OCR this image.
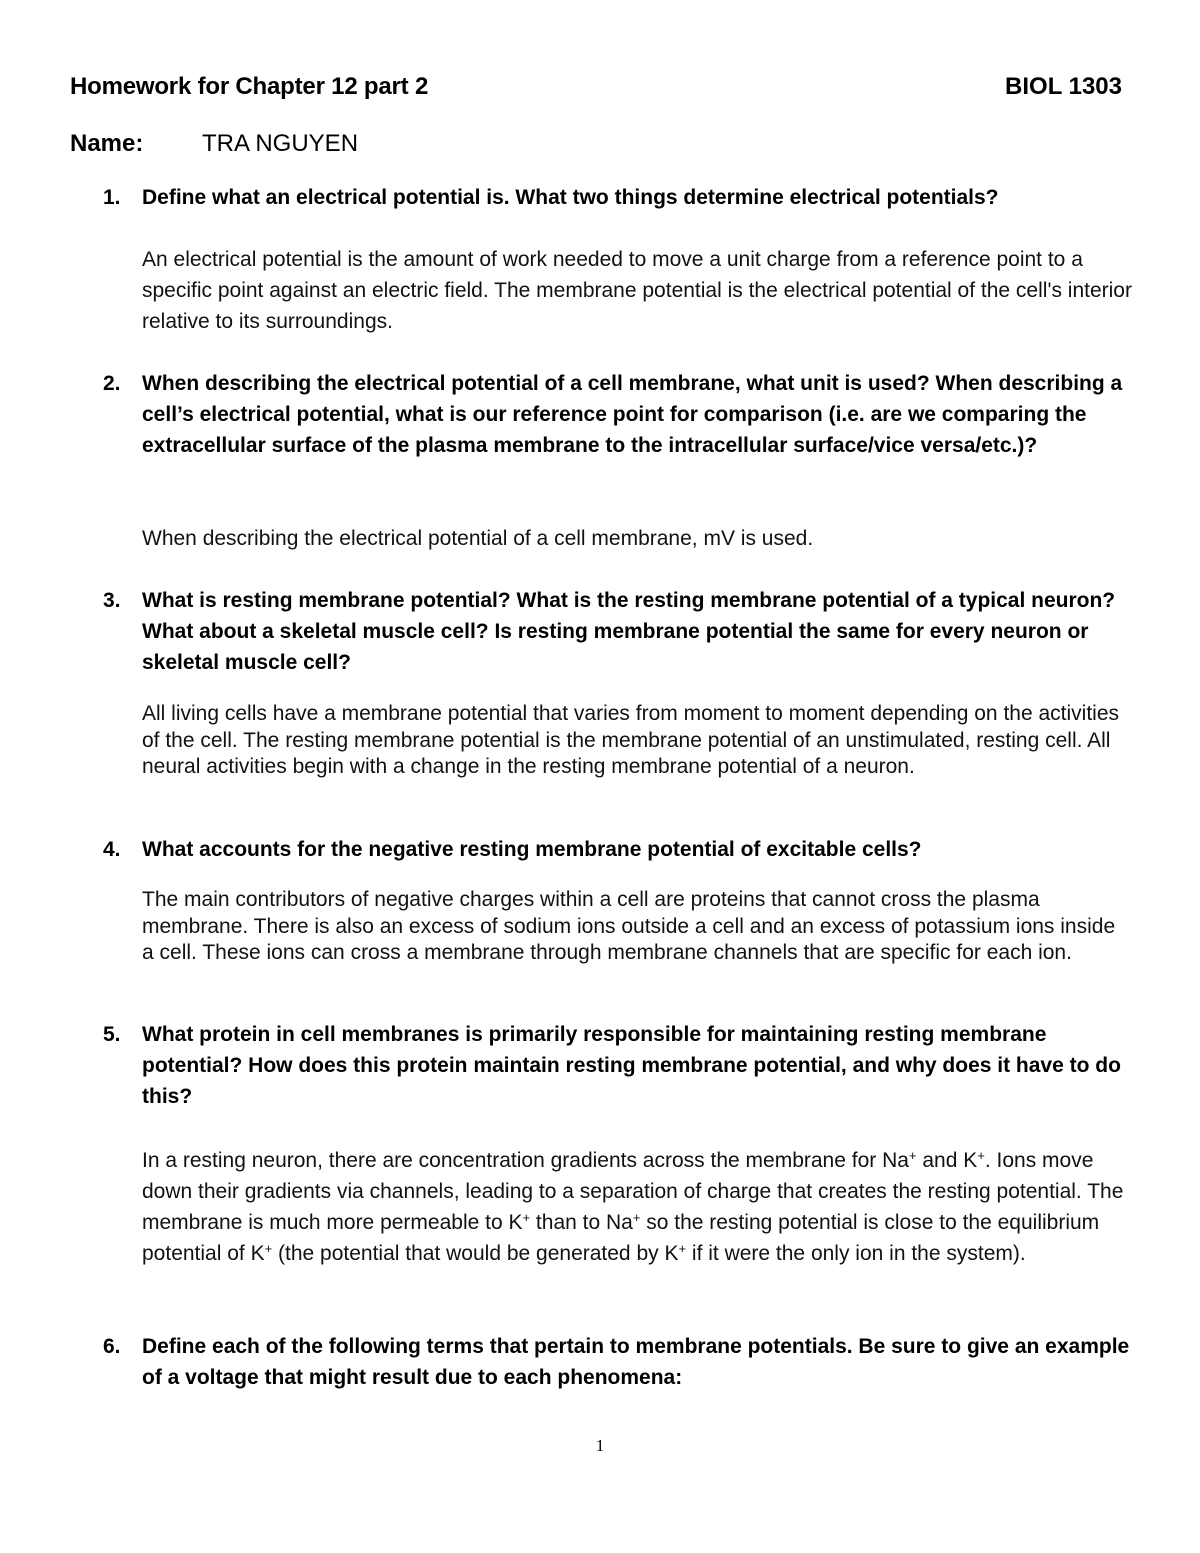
Homework for Chapter 12 part 2	BIOL 1303
Name: TRA NGUYEN
1. Define what an electrical potential is. What two things determine electrical potentials?
An electrical potential is the amount of work needed to move a unit charge from a reference point to a specific point against an electric field. The membrane potential is the electrical potential of the cell's interior relative to its surroundings.
2. When describing the electrical potential of a cell membrane, what unit is used? When describing a cell’s electrical potential, what is our reference point for comparison (i.e. are we comparing the extracellular surface of the plasma membrane to the intracellular surface/vice versa/etc.)?
When describing the electrical potential of a cell membrane, mV is used.
3. What is resting membrane potential? What is the resting membrane potential of a typical neuron? What about a skeletal muscle cell? Is resting membrane potential the same for every neuron or skeletal muscle cell?
All living cells have a membrane potential that varies from moment to moment depending on the activities of the cell. The resting membrane potential is the membrane potential of an unstimulated, resting cell. All neural activities begin with a change in the resting membrane potential of a neuron.
4. What accounts for the negative resting membrane potential of excitable cells?
The main contributors of negative charges within a cell are proteins that cannot cross the plasma membrane. There is also an excess of sodium ions outside a cell and an excess of potassium ions inside a cell. These ions can cross a membrane through membrane channels that are specific for each ion.
5. What protein in cell membranes is primarily responsible for maintaining resting membrane potential? How does this protein maintain resting membrane potential, and why does it have to do this?
In a resting neuron, there are concentration gradients across the membrane for Na+ and K+. Ions move down their gradients via channels, leading to a separation of charge that creates the resting potential. The membrane is much more permeable to K+ than to Na+ so the resting potential is close to the equilibrium potential of K+ (the potential that would be generated by K+ if it were the only ion in the system).
6. Define each of the following terms that pertain to membrane potentials. Be sure to give an example of a voltage that might result due to each phenomena:
1
